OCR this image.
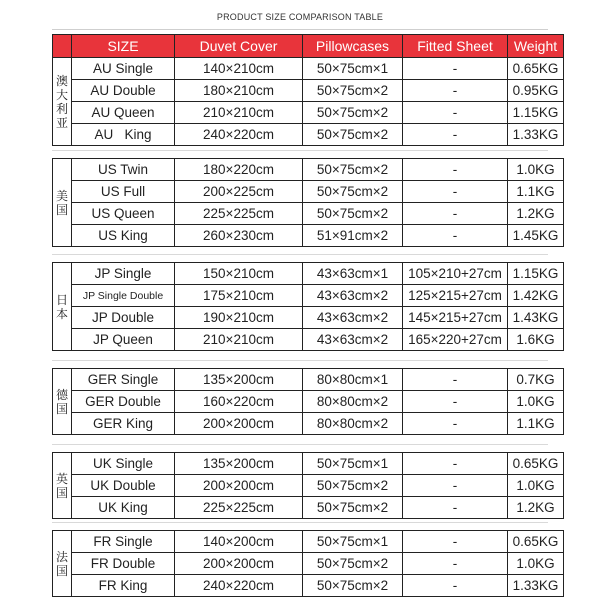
PRODUCT SIZE COMPARISON TABLE
	SIZE	Duvet Cover	Pillowcases	Fitted Sheet	Weight
澳大利亚	AU Single	140×210cm	50×75cm×1	-	0.65KG
	AU Double	180×210cm	50×75cm×2	-	0.95KG
	AU Queen	210×210cm	50×75cm×2	-	1.15KG
	AU   King	240×220cm	50×75cm×2	-	1.33KG
美国	US Twin	180×220cm	50×75cm×2	-	1.0KG
	US Full	200×225cm	50×75cm×2	-	1.1KG
	US Queen	225×225cm	50×75cm×2	-	1.2KG
	US King	260×230cm	51×91cm×2	-	1.45KG
日本	JP Single	150×210cm	43×63cm×1	105×210+27cm	1.15KG
	JP Single Double	175×210cm	43×63cm×2	125×215+27cm	1.42KG
	JP Double	190×210cm	43×63cm×2	145×215+27cm	1.43KG
	JP Queen	210×210cm	43×63cm×2	165×220+27cm	1.6KG
德国	GER Single	135×200cm	80×80cm×1	-	0.7KG
	GER Double	160×220cm	80×80cm×2	-	1.0KG
	GER King	200×200cm	80×80cm×2	-	1.1KG
英国	UK Single	135×200cm	50×75cm×1	-	0.65KG
	UK Double	200×200cm	50×75cm×2	-	1.0KG
	UK King	225×225cm	50×75cm×2	-	1.2KG
法国	FR Single	140×200cm	50×75cm×1	-	0.65KG
	FR Double	200×200cm	50×75cm×2	-	1.0KG
	FR King	240×220cm	50×75cm×2	-	1.33KG
